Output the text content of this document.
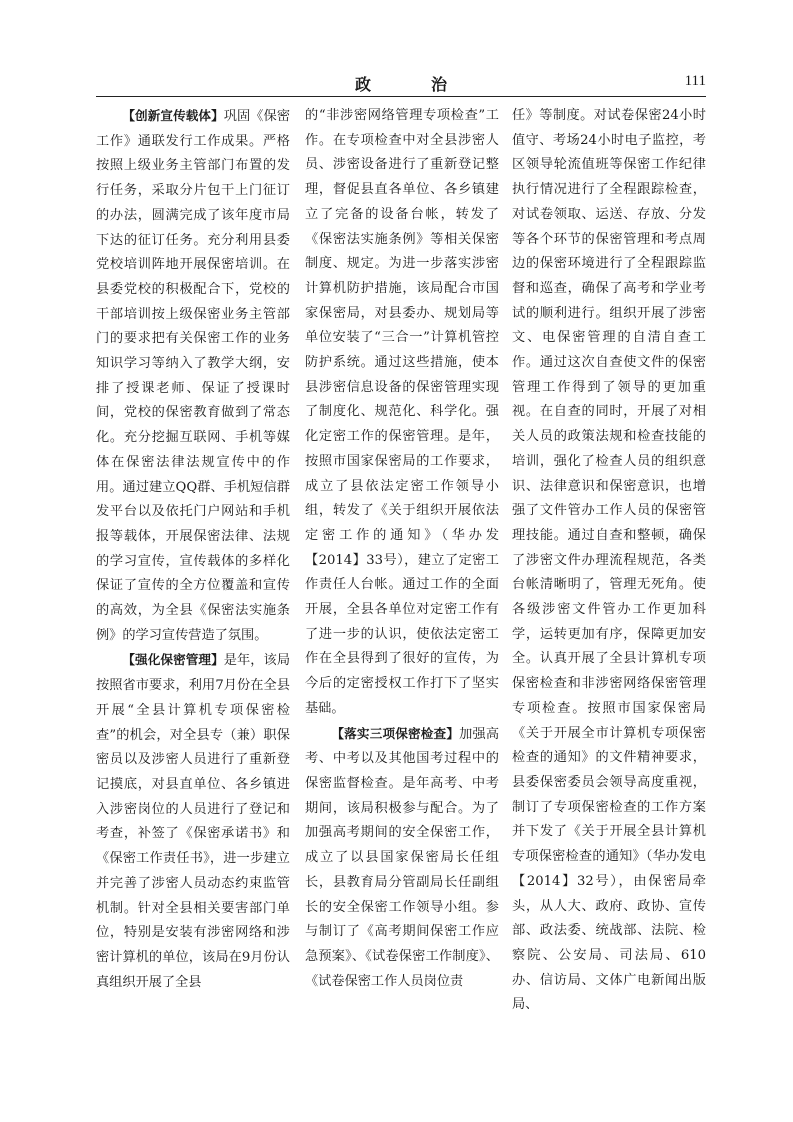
政　治	111

【创新宣传载体】巩固《保密工作》通联发行工作成果。严格按照上级业务主管部门布置的发行任务，采取分片包干上门征订的办法，圆满完成了该年度市局下达的征订任务。充分利用县委党校培训阵地开展保密培训。在县委党校的积极配合下，党校的干部培训按上级保密业务主管部门的要求把有关保密工作的业务知识学习等纳入了教学大纲，安排了授课老师、保证了授课时间，党校的保密教育做到了常态化。充分挖掘互联网、手机等媒体在保密法律法规宣传中的作用。通过建立QQ群、手机短信群发平台以及依托门户网站和手机报等载体，开展保密法律、法规的学习宣传，宣传载体的多样化保证了宣传的全方位覆盖和宣传的高效，为全县《保密法实施条例》的学习宣传营造了氛围。

【强化保密管理】是年，该局按照省市要求，利用7月份在全县开展“全县计算机专项保密检查”的机会，对全县专（兼）职保密员以及涉密人员进行了重新登记摸底，对县直单位、各乡镇进入涉密岗位的人员进行了登记和考查，补签了《保密承诺书》和《保密工作责任书》，进一步建立并完善了涉密人员动态约束监管机制。针对全县相关要害部门单位，特别是安装有涉密网络和涉密计算机的单位，该局在9月份认真组织开展了全县

的“非涉密网络管理专项检查”工作。在专项检查中对全县涉密人员、涉密设备进行了重新登记整理，督促县直各单位、各乡镇建立了完备的设备台帐，转发了《保密法实施条例》等相关保密制度、规定。为进一步落实涉密计算机防护措施，该局配合市国家保密局，对县委办、规划局等单位安装了“三合一”计算机管控防护系统。通过这些措施，使本县涉密信息设备的保密管理实现了制度化、规范化、科学化。强化定密工作的保密管理。是年，按照市国家保密局的工作要求，成立了县依法定密工作领导小组，转发了《关于组织开展依法定密工作的通知》（华办发【2014】33号），建立了定密工作责任人台帐。通过工作的全面开展，全县各单位对定密工作有了进一步的认识，使依法定密工作在全县得到了很好的宣传，为今后的定密授权工作打下了坚实基础。

【落实三项保密检查】加强高考、中考以及其他国考过程中的保密监督检查。是年高考、中考期间，该局积极参与配合。为了加强高考期间的安全保密工作，成立了以县国家保密局长任组长，县教育局分管副局长任副组长的安全保密工作领导小组。参与制订了《高考期间保密工作应急预案》、《试卷保密工作制度》、《试卷保密工作人员岗位责

任》等制度。对试卷保密24小时值守、考场24小时电子监控，考区领导轮流值班等保密工作纪律执行情况进行了全程跟踪检查，对试卷领取、运送、存放、分发等各个环节的保密管理和考点周边的保密环境进行了全程跟踪监督和巡查，确保了高考和学业考试的顺利进行。组织开展了涉密文、电保密管理的自清自查工作。通过这次自查使文件的保密管理工作得到了领导的更加重视。在自查的同时，开展了对相关人员的政策法规和检查技能的培训，强化了检查人员的组织意识、法律意识和保密意识，也增强了文件管办工作人员的保密管理技能。通过自查和整顿，确保了涉密文件办理流程规范，各类台帐清晰明了，管理无死角。使各级涉密文件管办工作更加科学，运转更加有序，保障更加安全。认真开展了全县计算机专项保密检查和非涉密网络保密管理专项检查。按照市国家保密局《关于开展全市计算机专项保密检查的通知》的文件精神要求，县委保密委员会领导高度重视，制订了专项保密检查的工作方案并下发了《关于开展全县计算机专项保密检查的通知》（华办发电【2014】32号），由保密局牵头，从人大、政府、政协、宣传部、政法委、统战部、法院、检察院、公安局、司法局、610办、信访局、文体广电新闻出版局、
